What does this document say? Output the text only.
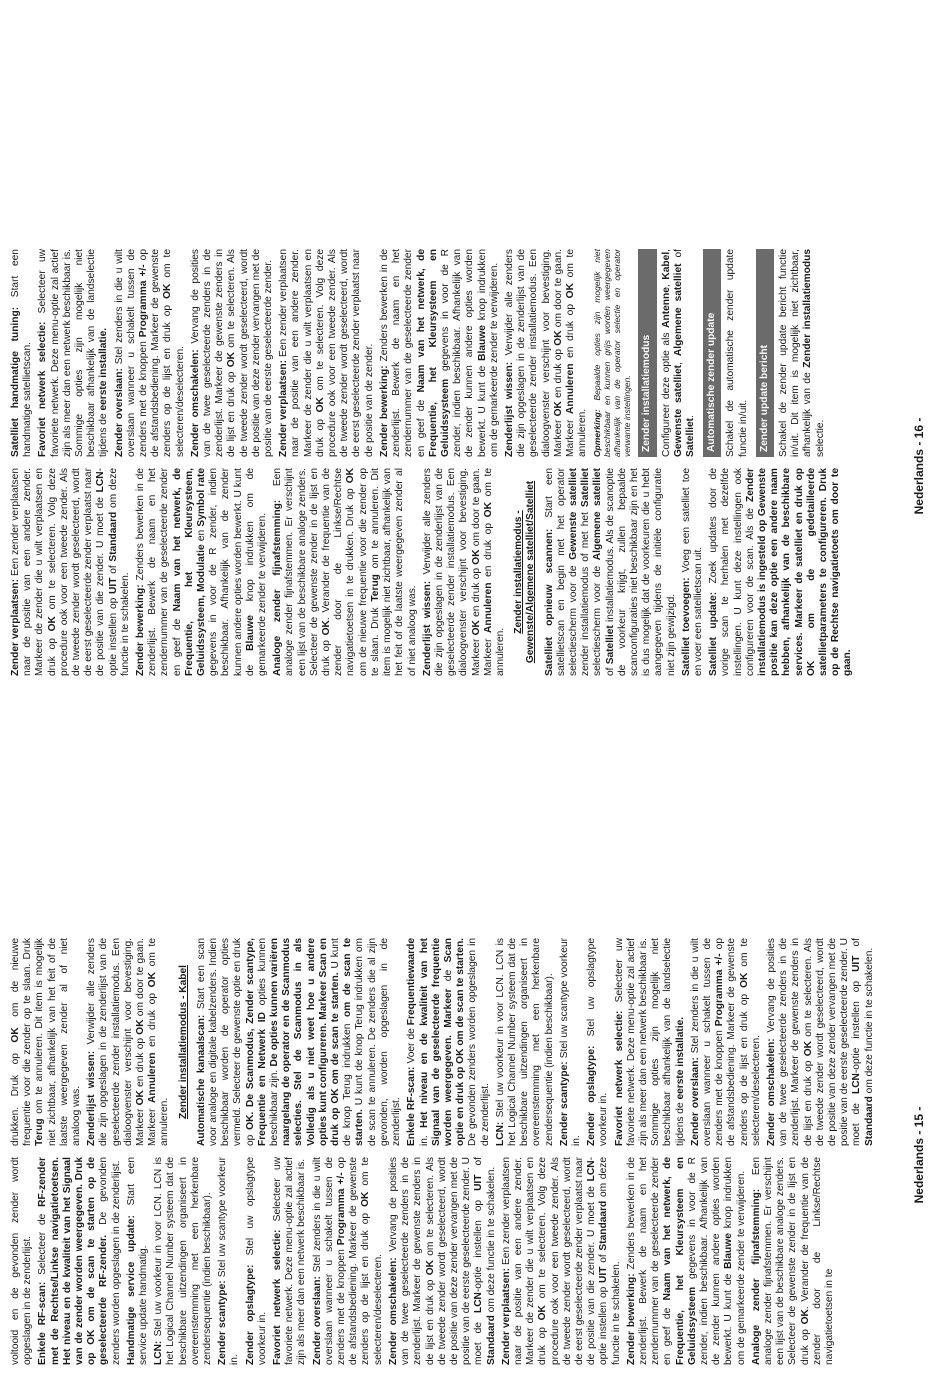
voltooid en de gevonden zender wordt opgeslagen in de zenderlijst. Enkele RF-scan: Selecteer de RF-zender met de Rechtse/Linkse navigatietoetsen. Het niveau en de kwaliteit van het Signaal van de zender worden weergegeven. Druk op OK om de scan te starten op de geselecteerde RF-zender. De gevonden zenders worden opgeslagen in de zenderlijst. Handmatige service update: Start een service update handmatig. LCN: Stel uw voorkeur in voor LCN. LCN is het Logical Channel Number systeem dat de beschikbare uitzendingen organiseert in overeenstemming met een herkenbare zendersequentie (indien beschikbaar). Zender scantype: Stel uw scantype voorkeur in. Zender opslagtype: Stel uw opslagtype voorkeur in. Favoriet netwerk selectie: Selecteer uw favoriete netwerk. Deze menu-optie zal actief zijn als meer dan een netwerk beschikbaar is. Zender overslaan: Stel zenders in die u wilt overslaan wanneer u schakelt tussen de zenders met de knoppen Programma +/- op de afstandsbediening. Markeer de gewenste zenders op de lijst en druk op OK om te selecteren/deselecteren. Zender omschakelen: Vervang de posities van de twee geselecteerde zenders in de zenderlijst. Markeer de gewenste zenders in de lijst en druk op OK om te selecteren. Als de tweede zender wordt geselecteerd, wordt de positie van deze zender vervangen met de positie van de eerste geselecteerde zender. U moet de LCN-optie instellen op UIT of Standaard om deze functie in te schakelen.

Zender verplaatsen: Een zender verplaatsen naar de positie van een andere zender. Markeer de zender die u wilt verplaatsen en druk op OK om te selecteren. Volg deze procedure ook voor een tweede zender. Als de tweede zender wordt geselecteerd, wordt de eerst geselecteerde zender verplaatst naar de positie van die zender. U moet de LCN-optie instellen op UIT of Standaard om deze functie in te schakelen. Zender bewerking: Zenders bewerken in de zenderlijst. Bewerk de naam en het zendernummer van de geselecteerde zender en geef de Naam van het netwerk, de Frequentie, het Kleursysteem en Geluidssysteem gegevens in voor de R zender, indien beschikbaar. Afhankelijk van de zender kunnen andere opties worden bewerkt. U kunt de Blauwe knop indrukken om de gemarkeerde zender te verwijderen. Analoge zender fijnafstemming: Een analoge zender fijnafstemmen. Er verschijnt een lijst van de beschikbare analoge zenders. Selecteer de gewenste zender in de lijst en druk op OK. Verander de frequentie van de zender door de Linkse/Rechtse navigatietoetsen in te

drukken. Druk op OK om de nieuwe frequentie voor die zender op te slaan. Druk Terug om te annuleren. Dit item is mogelijk niet zichtbaar, afhankelijk van het feit of de laatste weergegeven zender al of niet analoog was. Zenderlijst wissen: Verwijder alle zenders die zijn opgeslagen in de zenderlijst van de geselecteerde zender installatiemodus. Een dialoogvenster verschijnt voor bevestiging. Markeer OK en druk op OK om door te gaan. Markeer Annuleren en druk op OK om te annuleren.

Zender installatiemodus - Kabel Automatische kanaalscan: Start een scan voor analoge en digitale kabelzenders. Indien beschikbaar worden de operator opties vermeld. Selecteer de gewenste optie en druk op OK. De Scanmodus, Zender scantype, Frequentie en Netwerk ID opties kunnen beschikbaar zijn. De opties kunnen variëren naargelang de operator en de Scanmodus selecties. Stel de Scanmodus in als Volledig als u niet weet hoe u andere opties kunt configureren. Markeer Scan en druk op OK om de scan te starten. U kunt de knop Terug indrukken om de scan te starten. U kunt de knop Terug indrukken om de scan te annuleren. De zenders die al zijn gevonden, worden opgeslagen in de zenderlijst. Enkele RF-scan: Voer de Frequentiewaarde in. Het niveau en de kwaliteit van het Signaal van de geselecteerde frequentie worden weergegeven. Markeer de Scan optie en druk op OK om de scan te starten. De gevonden zenders worden opgeslagen in de zenderlijst. LCN: Stel uw voorkeur in voor LCN. LCN is het Logical Channel Number systeem dat de beschikbare uitzendingen organiseert in overeenstemming met een herkenbare zendersequentie (indien beschikbaar). Zender scantype: Stel uw scantype voorkeur in. Zender opslagtype: Stel uw opslagtype voorkeur in. Favoriet netwerk selectie: Selecteer uw favoriete netwerk. Deze menu-optie zal actief zijn als meer dan een netwerk beschikbaar is. Sommige opties zijn mogelijk niet beschikbaar afhankelijk van de landselectie tijdens de eerste installatie. Zender overslaan: Stel zenders in die u wilt overslaan wanneer u schakelt tussen de zenders met de knoppen Programma +/- op de afstandsbediening. Markeer de gewenste zenders op de lijst en druk op OK om te selecteren/deselecteren. Zender omschakelen: Vervang de posities van de twee geselecteerde zenders in de zenderlijst. Markeer de gewenste zenders in de lijst en druk op OK om te selecteren. Als de tweede zender wordt geselecteerd, wordt de positie van deze zender vervangen met de positie van de eerste geselecteerde zender. U moet de LCN-optie instellen op UIT of Standaard om deze functie in te schakelen.

Nederlands - 15 -

Zender verplaatsen: Een zender verplaatsen naar de positie van een andere zender. Markeer de zender die u wilt verplaatsen en druk op OK om te selecteren. Volg deze procedure ook voor een tweede zender. Als de tweede zender wordt geselecteerd, wordt de eerst geselecteerde zender verplaatst naar de positie van die zender. U moet de LCN-optie instellen op UIT of Standaard om deze functie in te schakelen. Zender bewerking: Zenders bewerken in de zenderlijst. Bewerk de naam en het zendernummer van de geselecteerde zender en geef de Naam van het netwerk, de Frequentie, het Kleursysteem, Geluidssysteem, Modulatie en Symbol rate gegevens in voor de R zender, indien beschikbaar. Afhankelijk van de zender kunnen andere opties worden bewerkt. U kunt de Blauwe knop indrukken om de gemarkeerde zender te verwijderen. Analoge zender fijnafstemming: Een analoge zender fijnafstemmen. Er verschijnt een lijst van de beschikbare analoge zenders. Selecteer de gewenste zender in de lijst en druk op OK. Verander de frequentie van de zender door de Linkse/Rechtse navigatietoetsen in te drukken. Druk op OK om de nieuwe frequentie voor die zender op te slaan. Druk Terug om te annuleren. Dit item is mogelijk niet zichtbaar, afhankelijk van het feit of de laatste weergegeven zender al of niet analoog was. Zenderlijst wissen: Verwijder alle zenders die zijn opgeslagen in de zenderlijst van de geselecteerde zender installatiemodus. Een dialoogvenster verschijnt voor bevestiging. Markeer OK en druk op OK om door te gaan. Markeer Annuleren en druk op OK om te annuleren.

Zender installatiemodus - Gewenste/Algemene satelliet/Satelliet Satelliet opnieuw scannen: Start een satellietscan en begin met het operator selectiescherm voor de Gewenste satelliet zender installatiemodus of met het Satelliet selectiescherm voor de Algemene satelliet of Satelliet installatiemodus. Als de scanoptie de voorkeur krijgt, zullen bepaalde scanconfiguraties niet beschikbaar zijn en het is dus mogelijk dat de voorkeuren die u hebt aangegeven tijdens de initiële configuratie niet zijn gewijzigd. Satelliet toevoegen: Voeg een satelliet toe en voer een satellietscan uit. Satelliet update: Zoek updates door de vorige scan te herhalen met dezelfde instellingen. U kunt deze instellingen ook configureren voor de scan. Als de Zender installatiemodus is ingesteld op Gewenste positie kan deze optie een andere naam hebben, afhankelijk van de beschikbare services. Markeer de satelliet en druk op OK om de gedetailleerde satellietparameters te configureren. Druk op de Rechtse navigatietoets om door te gaan.

Satelliet handmatige tuning: Start een handmatige satellietscan. Favoriet netwerk selectie: Selecteer uw favoriete netwerk. Deze menu-optie zal actief zijn als meer dan een netwerk beschikbaar is. Sommige opties zijn mogelijk niet beschikbaar afhankelijk van de landselectie tijdens de eerste installatie. Zender overslaan: Stel zenders in die u wilt overslaan wanneer u schakelt tussen de zenders met de knoppen Programma +/- op de afstandsbediening. Markeer de gewenste zenders op de lijst en druk op OK om te selecteren/deselecteren. Zender omschakelen: Vervang de posities van de twee geselecteerde zenders in de zenderlijst. Markeer de gewenste zenders in de lijst en druk op OK om te selecteren. Als de tweede zender wordt geselecteerd, wordt de positie van deze zender vervangen met de positie van de eerste geselecteerde zender. Zender verplaatsen: Een zender verplaatsen naar de positie van een andere zender. Markeer de zender die u wilt verplaatsen en druk op OK om te selecteren. Volg deze procedure ook voor een tweede zender. Als de tweede zender wordt geselecteerd, wordt de eerst geselecteerde zender verplaatst naar de positie van de zender. Zender bewerking: Zenders bewerken in de zenderlijst. Bewerk de naam en het zendernummer van de geselecteerde zender en geef de Naam van het netwerk, de Frequentie, het Kleursysteem en Geluidssysteem gegevens in voor de R zender, indien beschikbaar. Afhankelijk van de zender kunnen andere opties worden bewerkt. U kunt de Blauwe knop indrukken om de gemarkeerde zender te verwijderen. Zenderlijst wissen: Verwijder alle zenders die zijn opgeslagen in de zenderlijst van de geselecteerde zender installatiemodus. Een dialoogvenster verschijnt voor bevestiging. Markeer OK en druk op OK om door te gaan. Markeer Annuleren en druk op OK om te annuleren. Opmerking: Bepaalde opties zijn mogelijk niet beschikbaar en kunnen grijs worden weergegeven afhankelijk van de operator selectie en operator verwante instellingen. Zender installatiemodus Configureer deze optie als Antenne, Kabel, Gewenste satelliet, Algemene satelliet of Satelliet. Automatische zender update Schakel de automatische zender update functie in/uit. Zender update bericht Schakel de zender update bericht functie in/uit. Dit item is mogelijk niet zichtbaar, afhankelijk van de Zender installatiemodus selectie.	Nederlands - 16 -
